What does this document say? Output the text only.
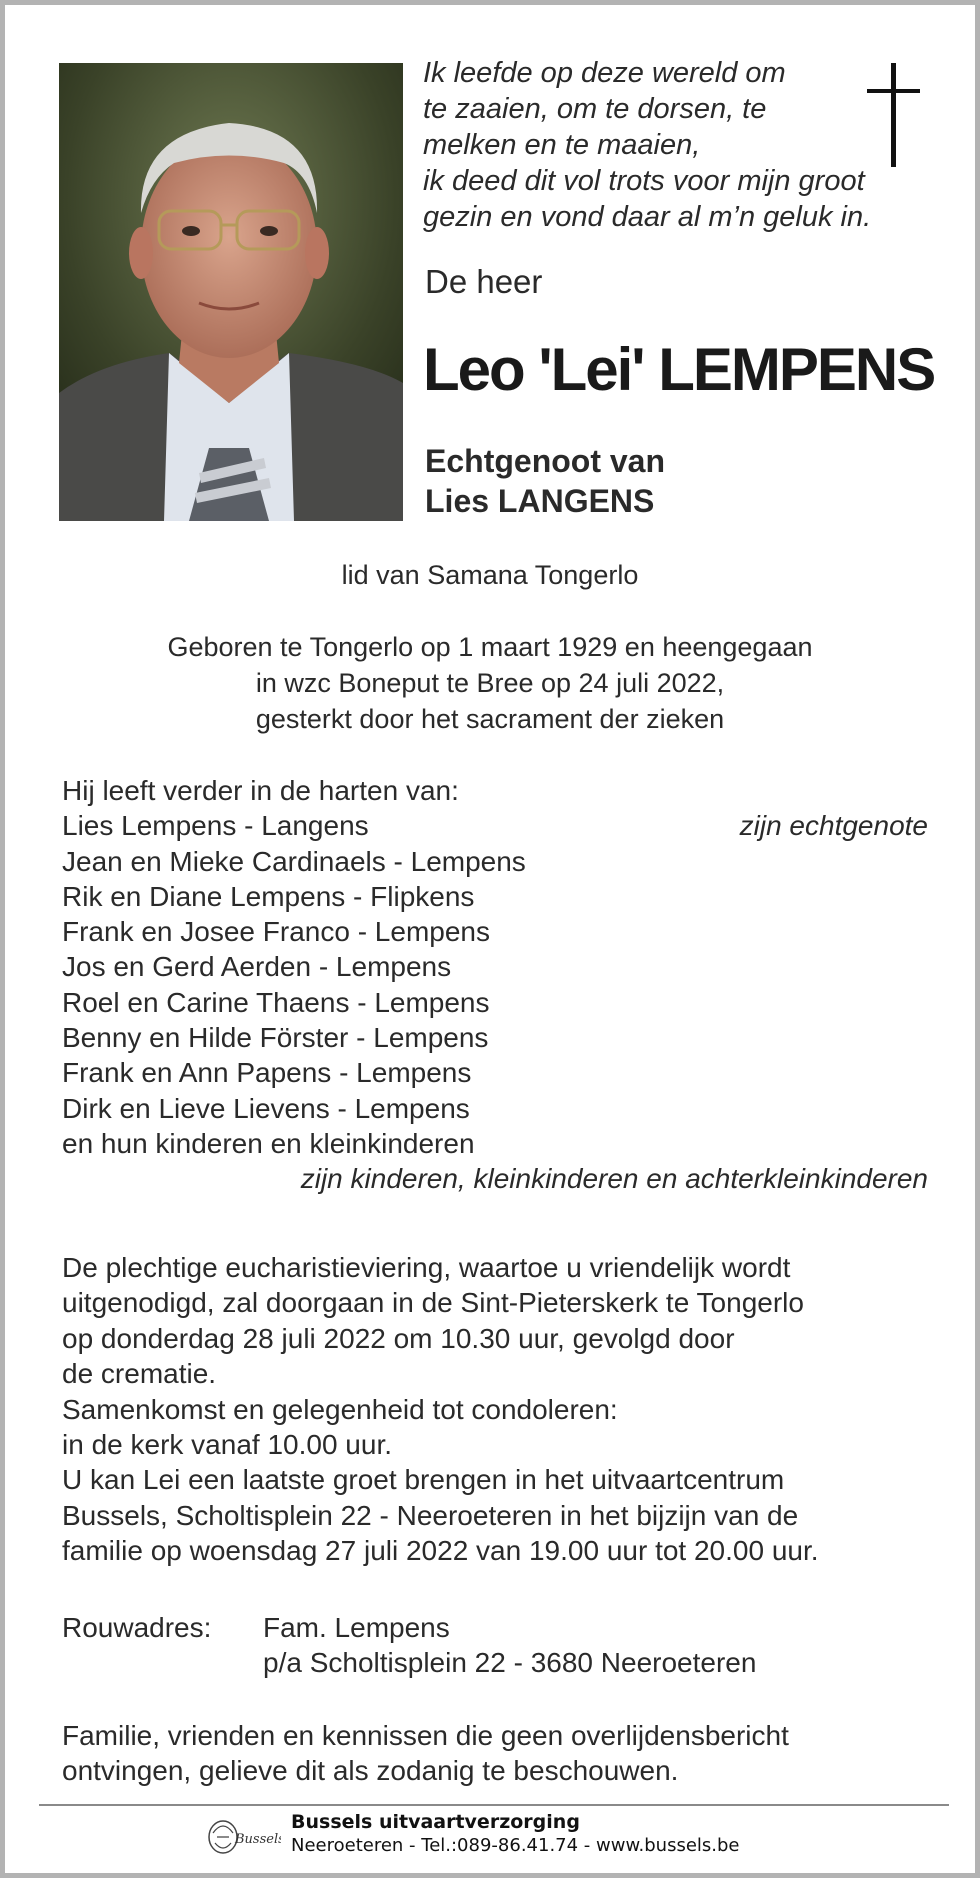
Ik leefde op deze wereld om
te zaaien, om te dorsen, te
melken en te maaien,
ik deed dit vol trots voor mijn groot
gezin en vond daar al m’n geluk in.
De heer
Leo 'Lei' LEMPENS
Echtgenoot van
Lies LANGENS
lid van Samana Tongerlo
Geboren te Tongerlo op 1 maart 1929 en heengegaan
in wzc Boneput te Bree op 24 juli 2022,
gesterkt door het sacrament der zieken
Hij leeft verder in de harten van:
Lies Lempens - Langens	zijn echtgenote
Jean en Mieke Cardinaels - Lempens
Rik en Diane Lempens - Flipkens
Frank en Josee Franco - Lempens
Jos en Gerd Aerden - Lempens
Roel en Carine Thaens - Lempens
Benny en Hilde Förster - Lempens
Frank en Ann Papens - Lempens
Dirk en Lieve Lievens - Lempens
en hun kinderen en kleinkinderen
zijn kinderen, kleinkinderen en achterkleinkinderen
De plechtige eucharistieviering, waartoe u vriendelijk wordt
uitgenodigd, zal doorgaan in de Sint-Pieterskerk te Tongerlo
op donderdag 28 juli 2022 om 10.30 uur, gevolgd door
de crematie.
Samenkomst en gelegenheid tot condoleren:
in de kerk vanaf 10.00 uur.
U kan Lei een laatste groet brengen in het uitvaartcentrum
Bussels, Scholtisplein 22 - Neeroeteren in het bijzijn van de
familie op woensdag 27 juli 2022 van 19.00 uur tot 20.00 uur.
Rouwadres: Fam. Lempens
p/a Scholtisplein 22 - 3680 Neeroeteren
Familie, vrienden en kennissen die geen overlijdensbericht
ontvingen, gelieve dit als zodanig te beschouwen.
Bussels
Bussels uitvaartverzorging
Neeroeteren - Tel.:089-86.41.74 - www.bussels.be
